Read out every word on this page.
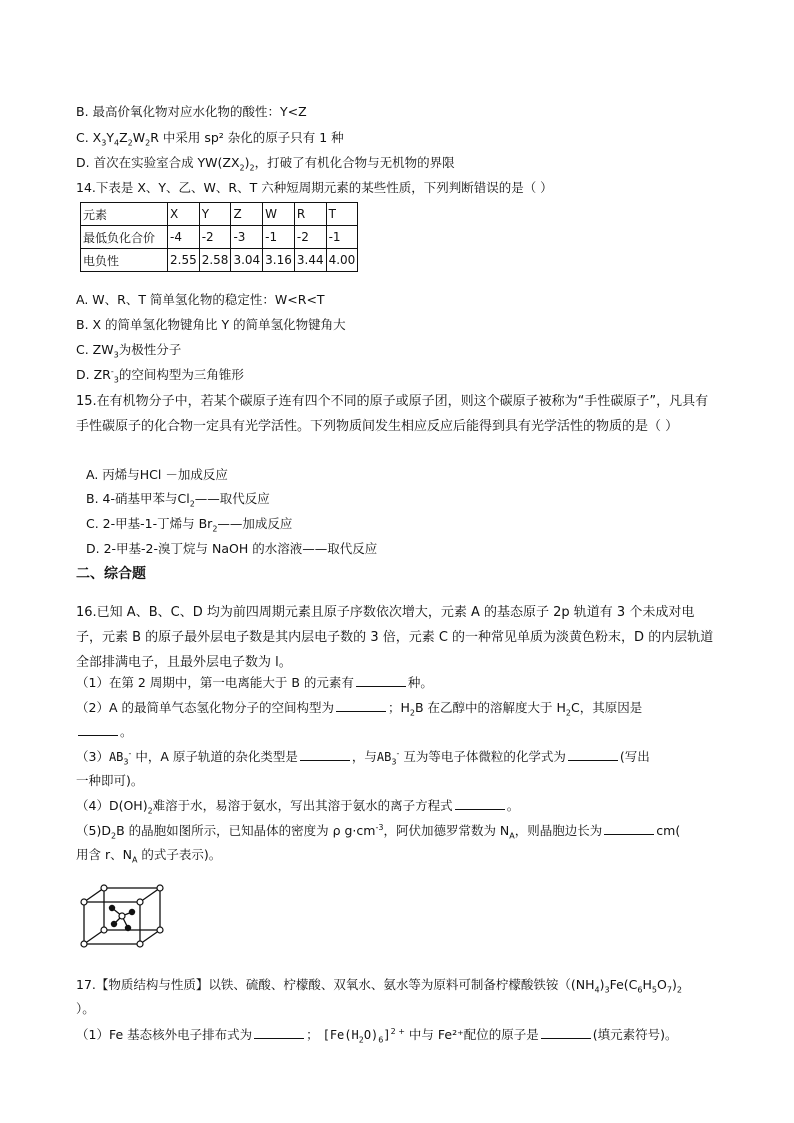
B. 最高价氧化物对应水化物的酸性：Y<Z
C. $X_3Y_4Z_2W_2R$ 中采用 sp² 杂化的原子只有 1 种
D. 首次在实验室合成 $YW(ZX_2)_2$，打破了有机化合物与无机物的界限
14.下表是 X、Y、乙、W、R、T 六种短周期元素的某些性质，下列判断错误的是（ ）
元素	X	Y	Z	W	R	T
最低负化合价	-4	-2	-3	-1	-2	-1
电负性	2.55	2.58	3.04	3.16	3.44	4.00
A. W、R、T 简单氢化物的稳定性：W<R<T
B. X 的简单氢化物键角比 Y 的简单氢化物键角大
C. $ZW_3$为极性分子
D. $ZR^-_3$的空间构型为三角锥形
15.在有机物分子中，若某个碳原子连有四个不同的原子或原子团，则这个碳原子被称为“手性碳原子”，凡具有手性碳原子的化合物一定具有光学活性。下列物质间发生相应反应后能得到具有光学活性的物质的是（ ）
A. 丙烯与HCl －加成反应
B. 4-硝基甲苯与$Cl_2——$取代反应
C. 2-甲基-1-丁烯与 $Br_2——$加成反应
D. 2-甲基-2-溴丁烷与 NaOH 的水溶液——取代反应
二、综合题
16.已知 A、B、C、D 均为前四周期元素且原子序数依次增大，元素 A 的基态原子 2p 轨道有 3 个未成对电子，元素 B 的原子最外层电子数是其内层电子数的 3 倍，元素 C 的一种常见单质为淡黄色粉末，D 的内层轨道全部排满电子，且最外层电子数为 l。
（1）在第 2 周期中，第一电离能大于 B 的元素有	种。
（2）A 的最简单气态氢化物分子的空间构型为	；$H_2B$ 在乙醇中的溶解度大于 $H_2C$，其原因是
。
$(3)AB_3^-$ 中，A 原子轨道的杂化类型是	，与$AB_3^-$ 互为等电子体微粒的化学式为	(写出
一种即可)。
$(4)D(OH)_2$难溶于水，易溶于氨水，写出其溶于氨水的离子方程式	。
$(5)D_2B$ 的晶胞如图所示，已知晶体的密度为 ρ $g\cdot cm^{-3}$，阿伏加德罗常数为 $N_A$，则晶胞边长为	cm(
用含 r、$N_A$ 的式子表示)。
17.【物质结构与性质】以铁、硫酸、柠檬酸、双氧水、氨水等为原料可制备柠檬酸铁铵（$(NH_4)_3Fe(C_6H_5O_7)_2$
）。
（1）Fe 基态核外电子排布式为	； $[Fe(H_2O)_6]^{2 +}$ 中与 Fe²⁺配位的原子是	(填元素符号)。
